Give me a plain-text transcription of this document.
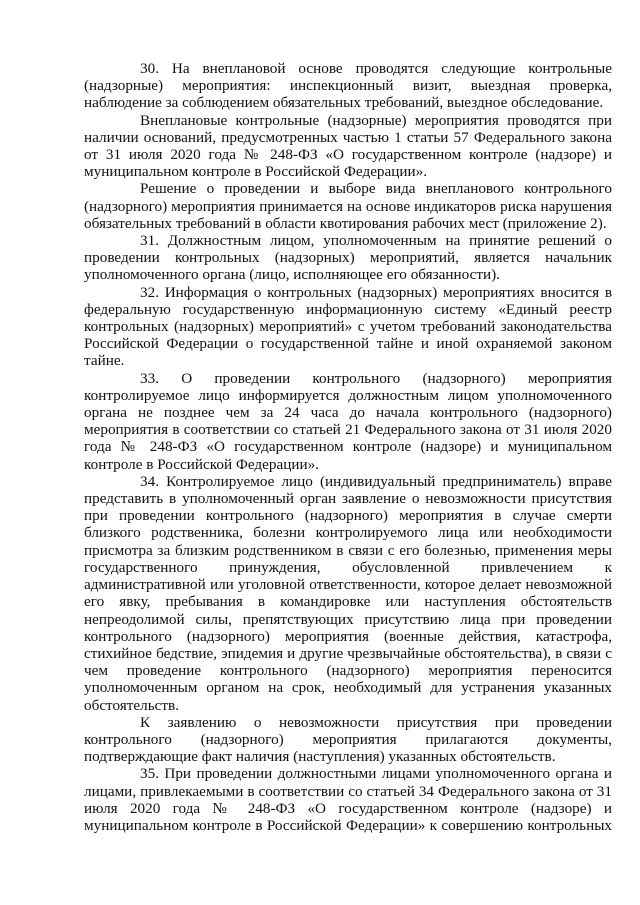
30. На внеплановой основе проводятся следующие контрольные (надзорные) мероприятия: инспекционный визит, выездная проверка, наблюдение за соблюдением обязательных требований, выездное обследование.

Внеплановые контрольные (надзорные) мероприятия проводятся при наличии оснований, предусмотренных частью 1 статьи 57 Федерального закона от 31 июля 2020 года № 248-ФЗ «О государственном контроле (надзоре) и муниципальном контроле в Российской Федерации».

Решение о проведении и выборе вида внепланового контрольного (надзорного) мероприятия принимается на основе индикаторов риска нарушения обязательных требований в области квотирования рабочих мест (приложение 2).

31. Должностным лицом, уполномоченным на принятие решений о проведении контрольных (надзорных) мероприятий, является начальник уполномоченного органа (лицо, исполняющее его обязанности).

32. Информация о контрольных (надзорных) мероприятиях вносится в федеральную государственную информационную систему «Единый реестр контрольных (надзорных) мероприятий» с учетом требований законодательства Российской Федерации о государственной тайне и иной охраняемой законом тайне.

33. О проведении контрольного (надзорного) мероприятия контролируемое лицо информируется должностным лицом уполномоченного органа не позднее чем за 24 часа до начала контрольного (надзорного) мероприятия в соответствии со статьей 21 Федерального закона от 31 июля 2020 года № 248-ФЗ «О государственном контроле (надзоре) и муниципальном контроле в Российской Федерации».

34. Контролируемое лицо (индивидуальный предприниматель) вправе представить в уполномоченный орган заявление о невозможности присутствия при проведении контрольного (надзорного) мероприятия в случае смерти близкого родственника, болезни контролируемого лица или необходимости присмотра за близким родственником в связи с его болезнью, применения меры государственного принуждения, обусловленной привлечением к административной или уголовной ответственности, которое делает невозможной его явку, пребывания в командировке или наступления обстоятельств непреодолимой силы, препятствующих присутствию лица при проведении контрольного (надзорного) мероприятия (военные действия, катастрофа, стихийное бедствие, эпидемия и другие чрезвычайные обстоятельства), в связи с чем проведение контрольного (надзорного) мероприятия переносится уполномоченным органом на срок, необходимый для устранения указанных обстоятельств.

К заявлению о невозможности присутствия при проведении контрольного (надзорного) мероприятия прилагаются документы, подтверждающие факт наличия (наступления) указанных обстоятельств.

35. При проведении должностными лицами уполномоченного органа и лицами, привлекаемыми в соответствии со статьей 34 Федерального закона от 31 июля 2020 года № 248-ФЗ «О государственном контроле (надзоре) и муниципальном контроле в Российской Федерации» к совершению контрольных
